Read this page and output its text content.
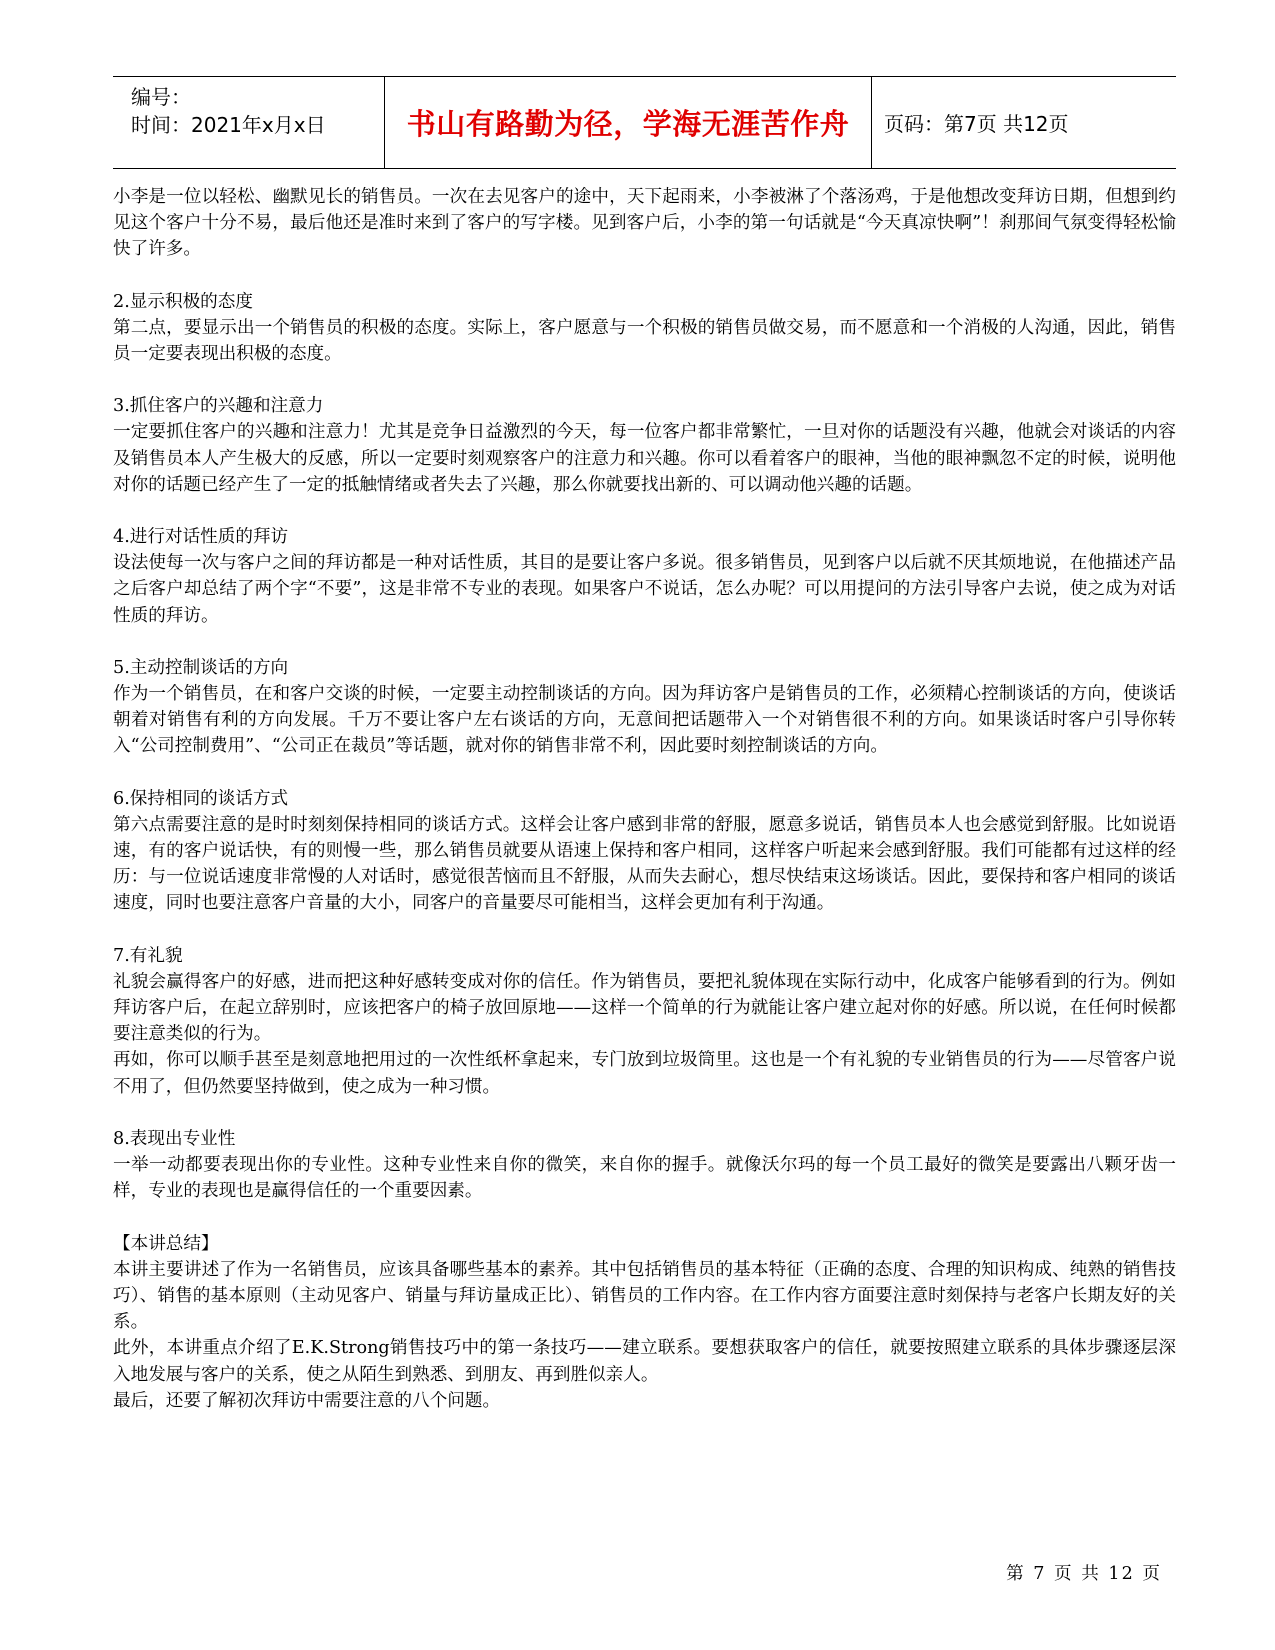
编号：
时间：2021年x月x日	书山有路勤为径，学海无涯苦作舟 页码：第7页 共12页

小李是一位以轻松、幽默见长的销售员。一次在去见客户的途中，天下起雨来，小李被淋了个落汤鸡，于是他想改变拜访日期，但想到约见这个客户十分不易，最后他还是准时来到了客户的写字楼。见到客户后，小李的第一句话就是“今天真凉快啊”！刹那间气氛变得轻松愉快了许多。

2.显示积极的态度

第二点，要显示出一个销售员的积极的态度。实际上，客户愿意与一个积极的销售员做交易，而不愿意和一个消极的人沟通，因此，销售员一定要表现出积极的态度。

3.抓住客户的兴趣和注意力

一定要抓住客户的兴趣和注意力！尤其是竞争日益激烈的今天，每一位客户都非常繁忙，一旦对你的话题没有兴趣，他就会对谈话的内容及销售员本人产生极大的反感，所以一定要时刻观察客户的注意力和兴趣。你可以看着客户的眼神，当他的眼神飘忽不定的时候，说明他对你的话题已经产生了一定的抵触情绪或者失去了兴趣，那么你就要找出新的、可以调动他兴趣的话题。

4.进行对话性质的拜访

设法使每一次与客户之间的拜访都是一种对话性质，其目的是要让客户多说。很多销售员，见到客户以后就不厌其烦地说，在他描述产品之后客户却总结了两个字“不要”，这是非常不专业的表现。如果客户不说话，怎么办呢？可以用提问的方法引导客户去说，使之成为对话性质的拜访。

5.主动控制谈话的方向

作为一个销售员，在和客户交谈的时候，一定要主动控制谈话的方向。因为拜访客户是销售员的工作，必须精心控制谈话的方向，使谈话朝着对销售有利的方向发展。千万不要让客户左右谈话的方向，无意间把话题带入一个对销售很不利的方向。如果谈话时客户引导你转入“公司控制费用”、“公司正在裁员”等话题，就对你的销售非常不利，因此要时刻控制谈话的方向。

6.保持相同的谈话方式

第六点需要注意的是时时刻刻保持相同的谈话方式。这样会让客户感到非常的舒服，愿意多说话，销售员本人也会感觉到舒服。比如说语速，有的客户说话快，有的则慢一些，那么销售员就要从语速上保持和客户相同，这样客户听起来会感到舒服。我们可能都有过这样的经历：与一位说话速度非常慢的人对话时，感觉很苦恼而且不舒服，从而失去耐心，想尽快结束这场谈话。因此，要保持和客户相同的谈话速度，同时也要注意客户音量的大小，同客户的音量要尽可能相当，这样会更加有利于沟通。

7.有礼貌

礼貌会赢得客户的好感，进而把这种好感转变成对你的信任。作为销售员，要把礼貌体现在实际行动中，化成客户能够看到的行为。例如拜访客户后，在起立辞别时，应该把客户的椅子放回原地——这样一个简单的行为就能让客户建立起对你的好感。所以说，在任何时候都要注意类似的行为。

再如，你可以顺手甚至是刻意地把用过的一次性纸杯拿起来，专门放到垃圾筒里。这也是一个有礼貌的专业销售员的行为——尽管客户说不用了，但仍然要坚持做到，使之成为一种习惯。

8.表现出专业性

一举一动都要表现出你的专业性。这种专业性来自你的微笑，来自你的握手。就像沃尔玛的每一个员工最好的微笑是要露出八颗牙齿一样，专业的表现也是赢得信任的一个重要因素。

【本讲总结】

本讲主要讲述了作为一名销售员，应该具备哪些基本的素养。其中包括销售员的基本特征（正确的态度、合理的知识构成、纯熟的销售技巧）、销售的基本原则（主动见客户、销量与拜访量成正比）、销售员的工作内容。在工作内容方面要注意时刻保持与老客户长期友好的关系。

此外，本讲重点介绍了E.K.Strong销售技巧中的第一条技巧——建立联系。要想获取客户的信任，就要按照建立联系的具体步骤逐层深入地发展与客户的关系，使之从陌生到熟悉、到朋友、再到胜似亲人。

最后，还要了解初次拜访中需要注意的八个问题。

第 7 页 共 12 页
